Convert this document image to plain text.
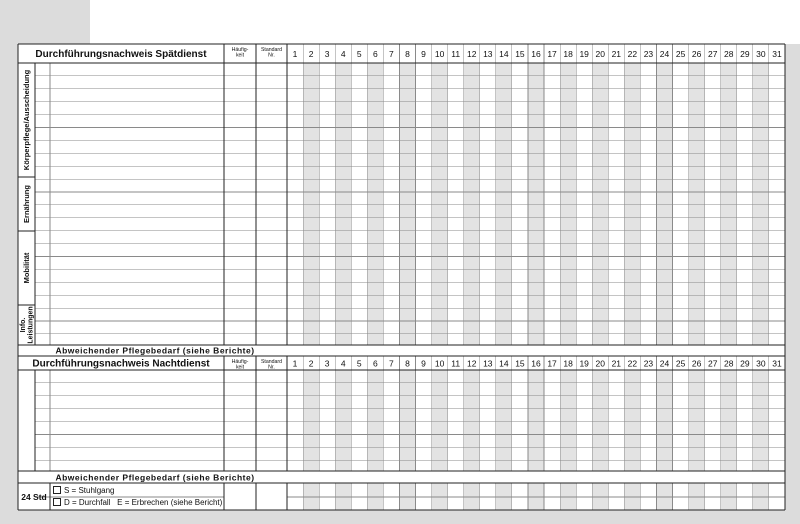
Durchführungsnachweis Spätdienst	Häufig-
keit
Standard
Nr. 1 2 3 4 5 6 7 8 9 10 11 12 13 14 15 16 17 18 19 20 21 22 23 24 25 26 27 28 29 30 31
Durchführungsnachweis Nachtdienst	Häufig-
keit
Standard
Nr. 1 2 3 4 5 6 7 8 9 10 11 12 13 14 15 16 17 18 19 20 21 22 23 24 25 26 27 28 29 30 31
Körperpflege/Ausscheidung
Ernährung
Mobilität
Info. Leistungen
Abweichender Pflegebedarf (siehe Berichte)
Abweichender Pflegebedarf (siehe Berichte)
24 Std
S = Stuhlgang
D = Durchfall E = Erbrechen (siehe Bericht)
